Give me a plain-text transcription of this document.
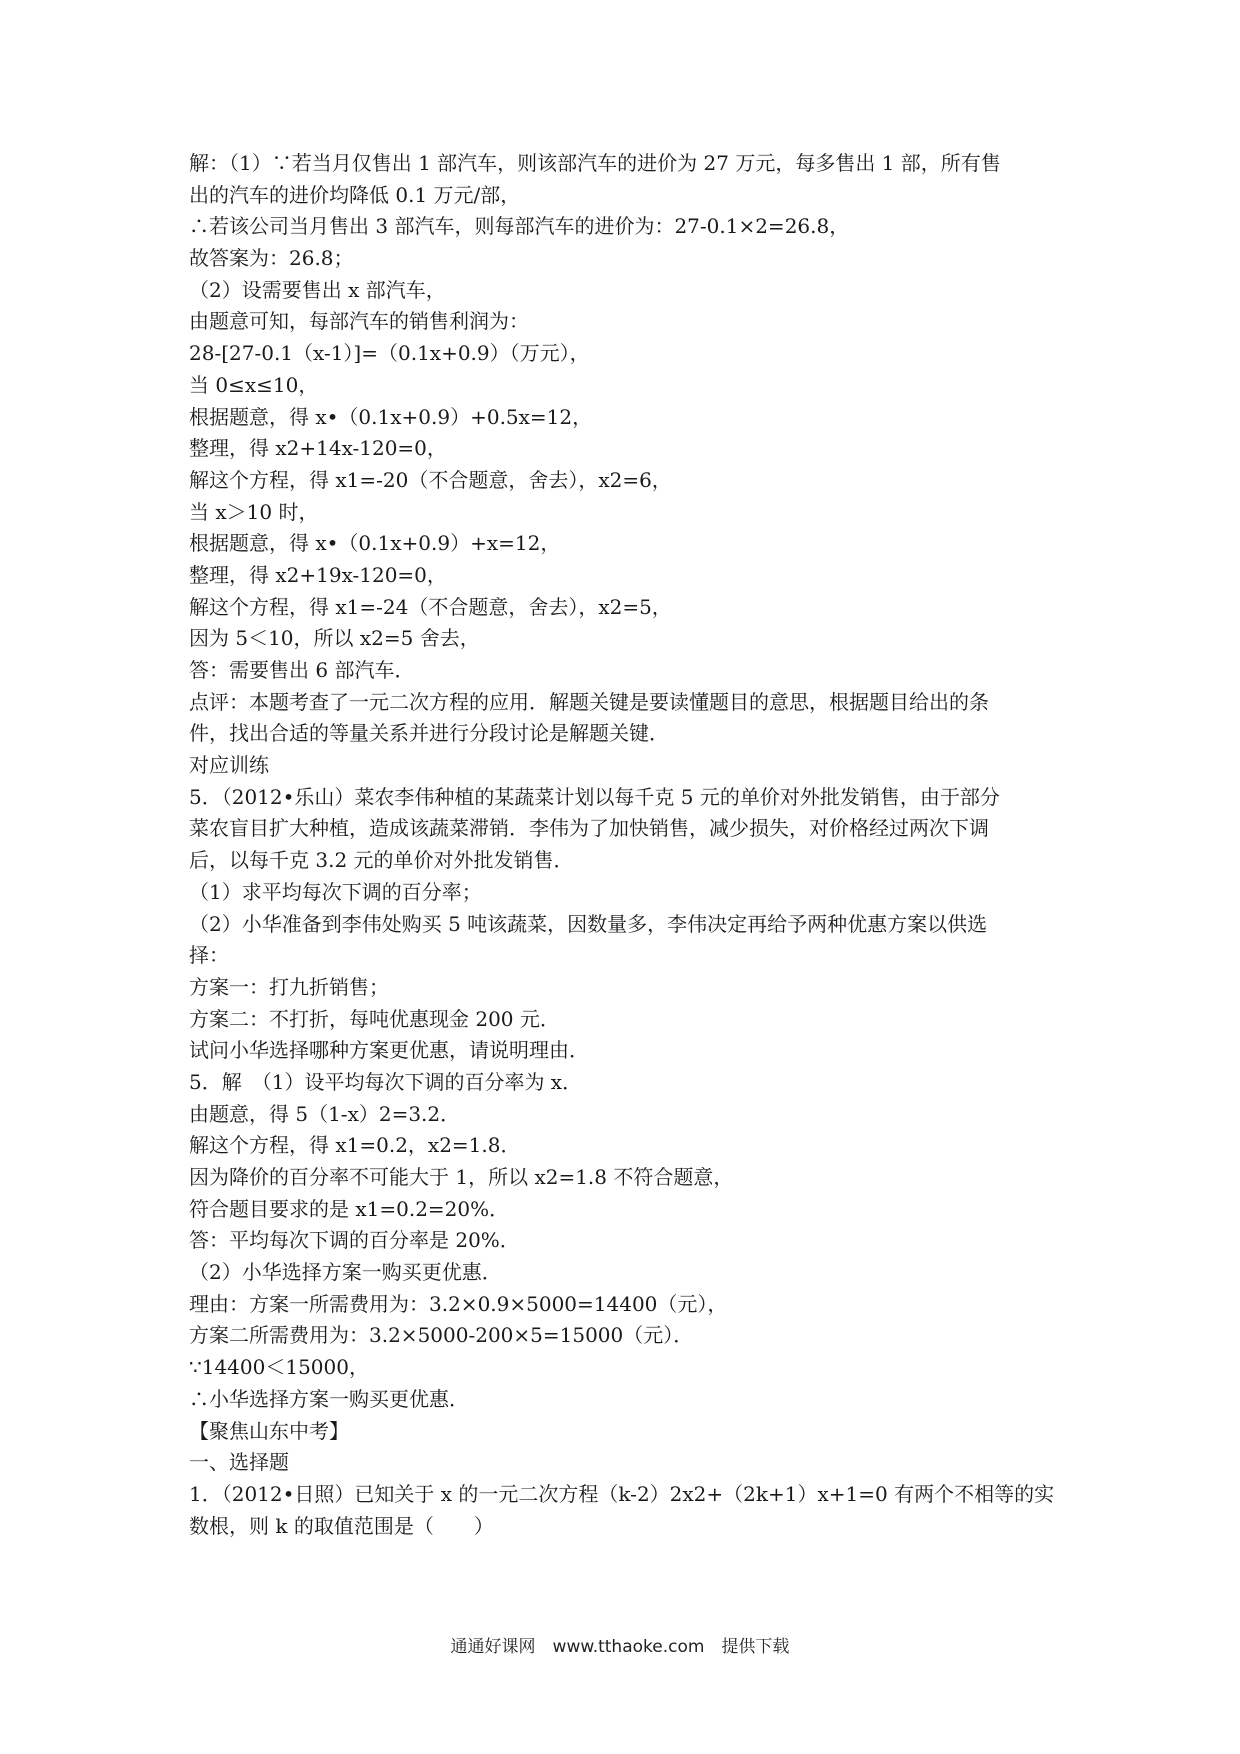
解：（1）∵若当月仅售出 1 部汽车，则该部汽车的进价为 27 万元，每多售出 1 部，所有售
出的汽车的进价均降低 0.1 万元/部，
∴若该公司当月售出 3 部汽车，则每部汽车的进价为：27-0.1×2=26.8，
故答案为：26.8；
（2）设需要售出 x 部汽车，
由题意可知，每部汽车的销售利润为：
28-[27-0.1（x-1）]=（0.1x+0.9）（万元），
当 0≤x≤10，
根据题意，得 x•（0.1x+0.9）+0.5x=12，
整理，得 x2+14x-120=0，
解这个方程，得 x1=-20（不合题意，舍去），x2=6，
当 x＞10 时，
根据题意，得 x•（0.1x+0.9）+x=12，
整理，得 x2+19x-120=0，
解这个方程，得 x1=-24（不合题意，舍去），x2=5，
因为 5＜10，所以 x2=5 舍去，
答：需要售出 6 部汽车．
点评：本题考查了一元二次方程的应用．解题关键是要读懂题目的意思，根据题目给出的条
件，找出合适的等量关系并进行分段讨论是解题关键．
对应训练
5．（2012•乐山）菜农李伟种植的某蔬菜计划以每千克 5 元的单价对外批发销售，由于部分
菜农盲目扩大种植，造成该蔬菜滞销．李伟为了加快销售，减少损失，对价格经过两次下调
后，以每千克 3.2 元的单价对外批发销售．
（1）求平均每次下调的百分率；
（2）小华准备到李伟处购买 5 吨该蔬菜，因数量多，李伟决定再给予两种优惠方案以供选
择：
方案一：打九折销售；
方案二：不打折，每吨优惠现金 200 元．
试问小华选择哪种方案更优惠，请说明理由．
5．解　（1）设平均每次下调的百分率为 x．
由题意，得 5（1-x）2=3.2．
解这个方程，得 x1=0.2，x2=1.8．
因为降价的百分率不可能大于 1，所以 x2=1.8 不符合题意，
符合题目要求的是 x1=0.2=20%．
答：平均每次下调的百分率是 20%．
（2）小华选择方案一购买更优惠．
理由：方案一所需费用为：3.2×0.9×5000=14400（元），
方案二所需费用为：3.2×5000-200×5=15000（元）．
∵14400＜15000，
∴小华选择方案一购买更优惠．
【聚焦山东中考】
一、选择题
1．（2012•日照）已知关于 x 的一元二次方程（k-2）2x2+（2k+1）x+1=0 有两个不相等的实
数根，则 k 的取值范围是（　　）
通通好课网　www.tthaoke.com　提供下载
